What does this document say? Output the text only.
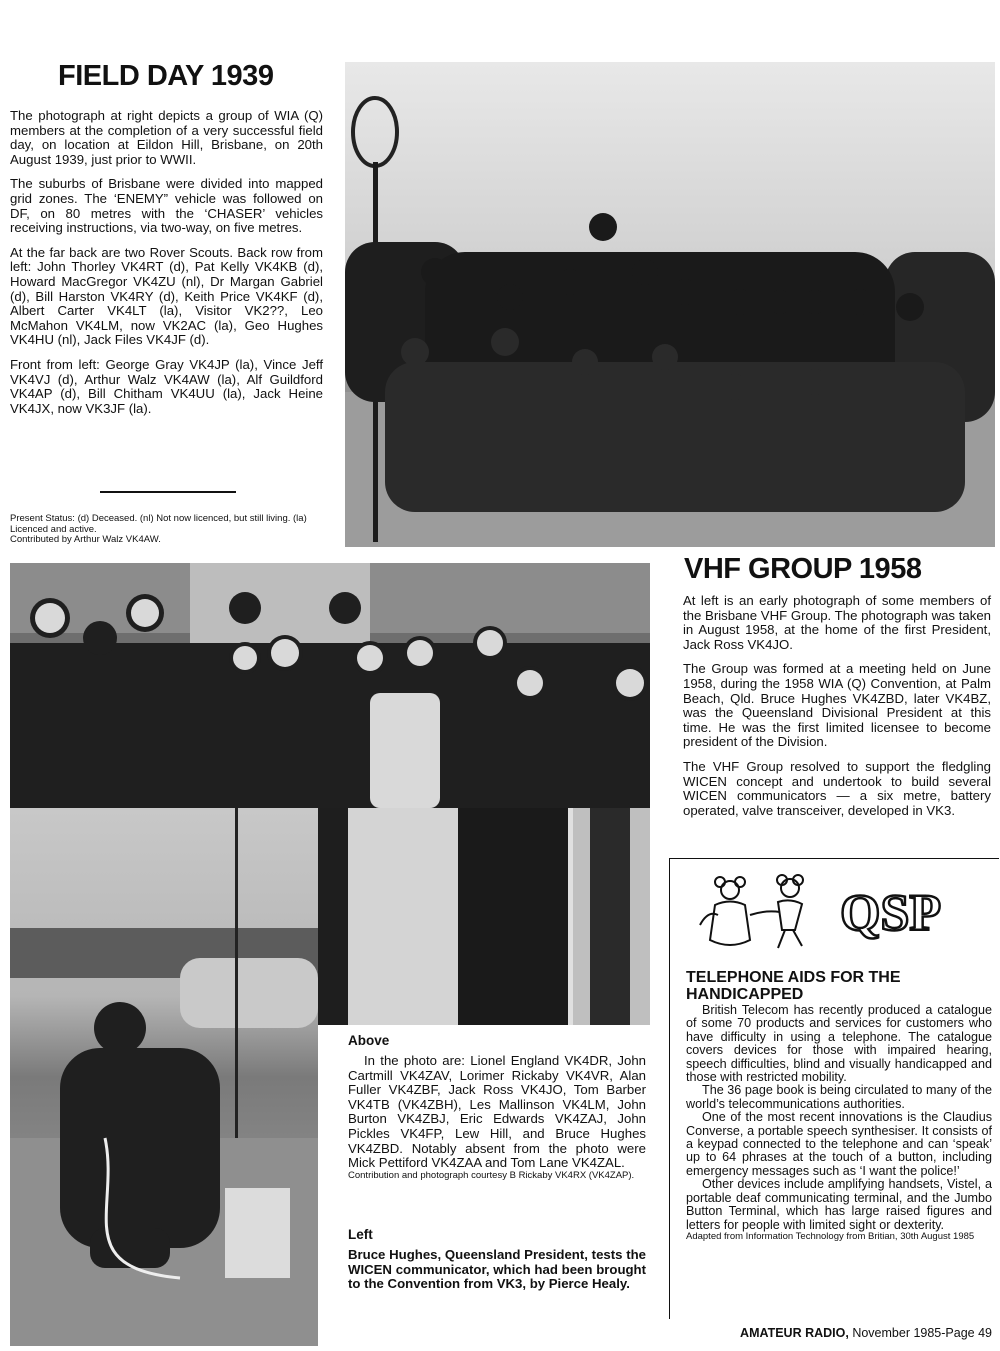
FIELD DAY 1939

The photograph at right depicts a group of WIA (Q) members at the completion of a very successful field day, on location at Eildon Hill, Brisbane, on 20th August 1939, just prior to WWII.

The suburbs of Brisbane were divided into mapped grid zones. The ‘ENEMY” vehicle was followed on DF, on 80 metres with the ‘CHASER’ vehicles receiving instructions, via two-way, on five metres.

At the far back are two Rover Scouts. Back row from left: John Thorley VK4RT (d), Pat Kelly VK4KB (d), Howard MacGregor VK4ZU (nl), Dr Margan Gabriel (d), Bill Harston VK4RY (d), Keith Price VK4KF (d), Albert Carter VK4LT (la), Visitor VK2??, Leo McMahon VK4LM, now VK2AC (la), Geo Hughes VK4HU (nl), Jack Files VK4JF (d).

Front from left: George Gray VK4JP (la), Vince Jeff VK4VJ (d), Arthur Walz VK4AW (la), Alf Guildford VK4AP (d), Bill Chitham VK4UU (la), Jack Heine VK4JX, now VK3JF (la).

Present Status: (d) Deceased. (nl) Not now licenced, but still living. (la) Licenced and active.

Contributed by Arthur Walz VK4AW.

VHF GROUP 1958

At left is an early photograph of some members of the Brisbane VHF Group. The photograph was taken in August 1958, at the home of the first President, Jack Ross VK4JO.

The Group was formed at a meeting held on June 1958, during the 1958 WIA (Q) Convention, at Palm Beach, Qld. Bruce Hughes VK4ZBD, later VK4BZ, was the Queensland Divisional President at this time. He was the first limited licensee to become president of the Division.

The VHF Group resolved to support the fledgling WICEN concept and undertook to build several WICEN communicators — a six metre, battery operated, valve transceiver, developed in VK3.

Above

In the photo are: Lionel England VK4DR, John Cartmill VK4ZAV, Lorimer Rickaby VK4VR, Alan Fuller VK4ZBF, Jack Ross VK4JO, Tom Barber VK4TB (VK4ZBH), Les Mallinson VK4LM, John Burton VK4ZBJ, Eric Edwards VK4ZAJ, John Pickles VK4FP, Lew Hill, and Bruce Hughes VK4ZBD. Notably absent from the photo were Mick Pettiford VK4ZAA and Tom Lane VK4ZAL.

Contribution and photograph courtesy B Rickaby VK4RX (VK4ZAP).

Left

Bruce Hughes, Queensland President, tests the WICEN communicator, which had been brought to the Convention from VK3, by Pierce Healy.

QSP
TELEPHONE AIDS FOR THE HANDICAPPED

British Telecom has recently produced a catalogue of some 70 products and services for customers who have difficulty in using a telephone. The catalogue covers devices for those with impaired hearing, speech difficulties, blind and visually handicapped and those with restricted mobility.

The 36 page book is being circulated to many of the world’s telecommunications authorities.

One of the most recent innovations is the Claudius Converse, a portable speech synthesiser. It consists of a keypad connected to the telephone and can ‘speak’ up to 64 phrases at the touch of a button, including emergency messages such as ‘I want the police!’

Other devices include amplifying handsets, Vistel, a portable deaf communicating terminal, and the Jumbo Button Terminal, which has large raised figures and letters for people with limited sight or dexterity.

Adapted from Information Technology from Britian, 30th August 1985

AMATEUR RADIO, November 1985-Page 49
